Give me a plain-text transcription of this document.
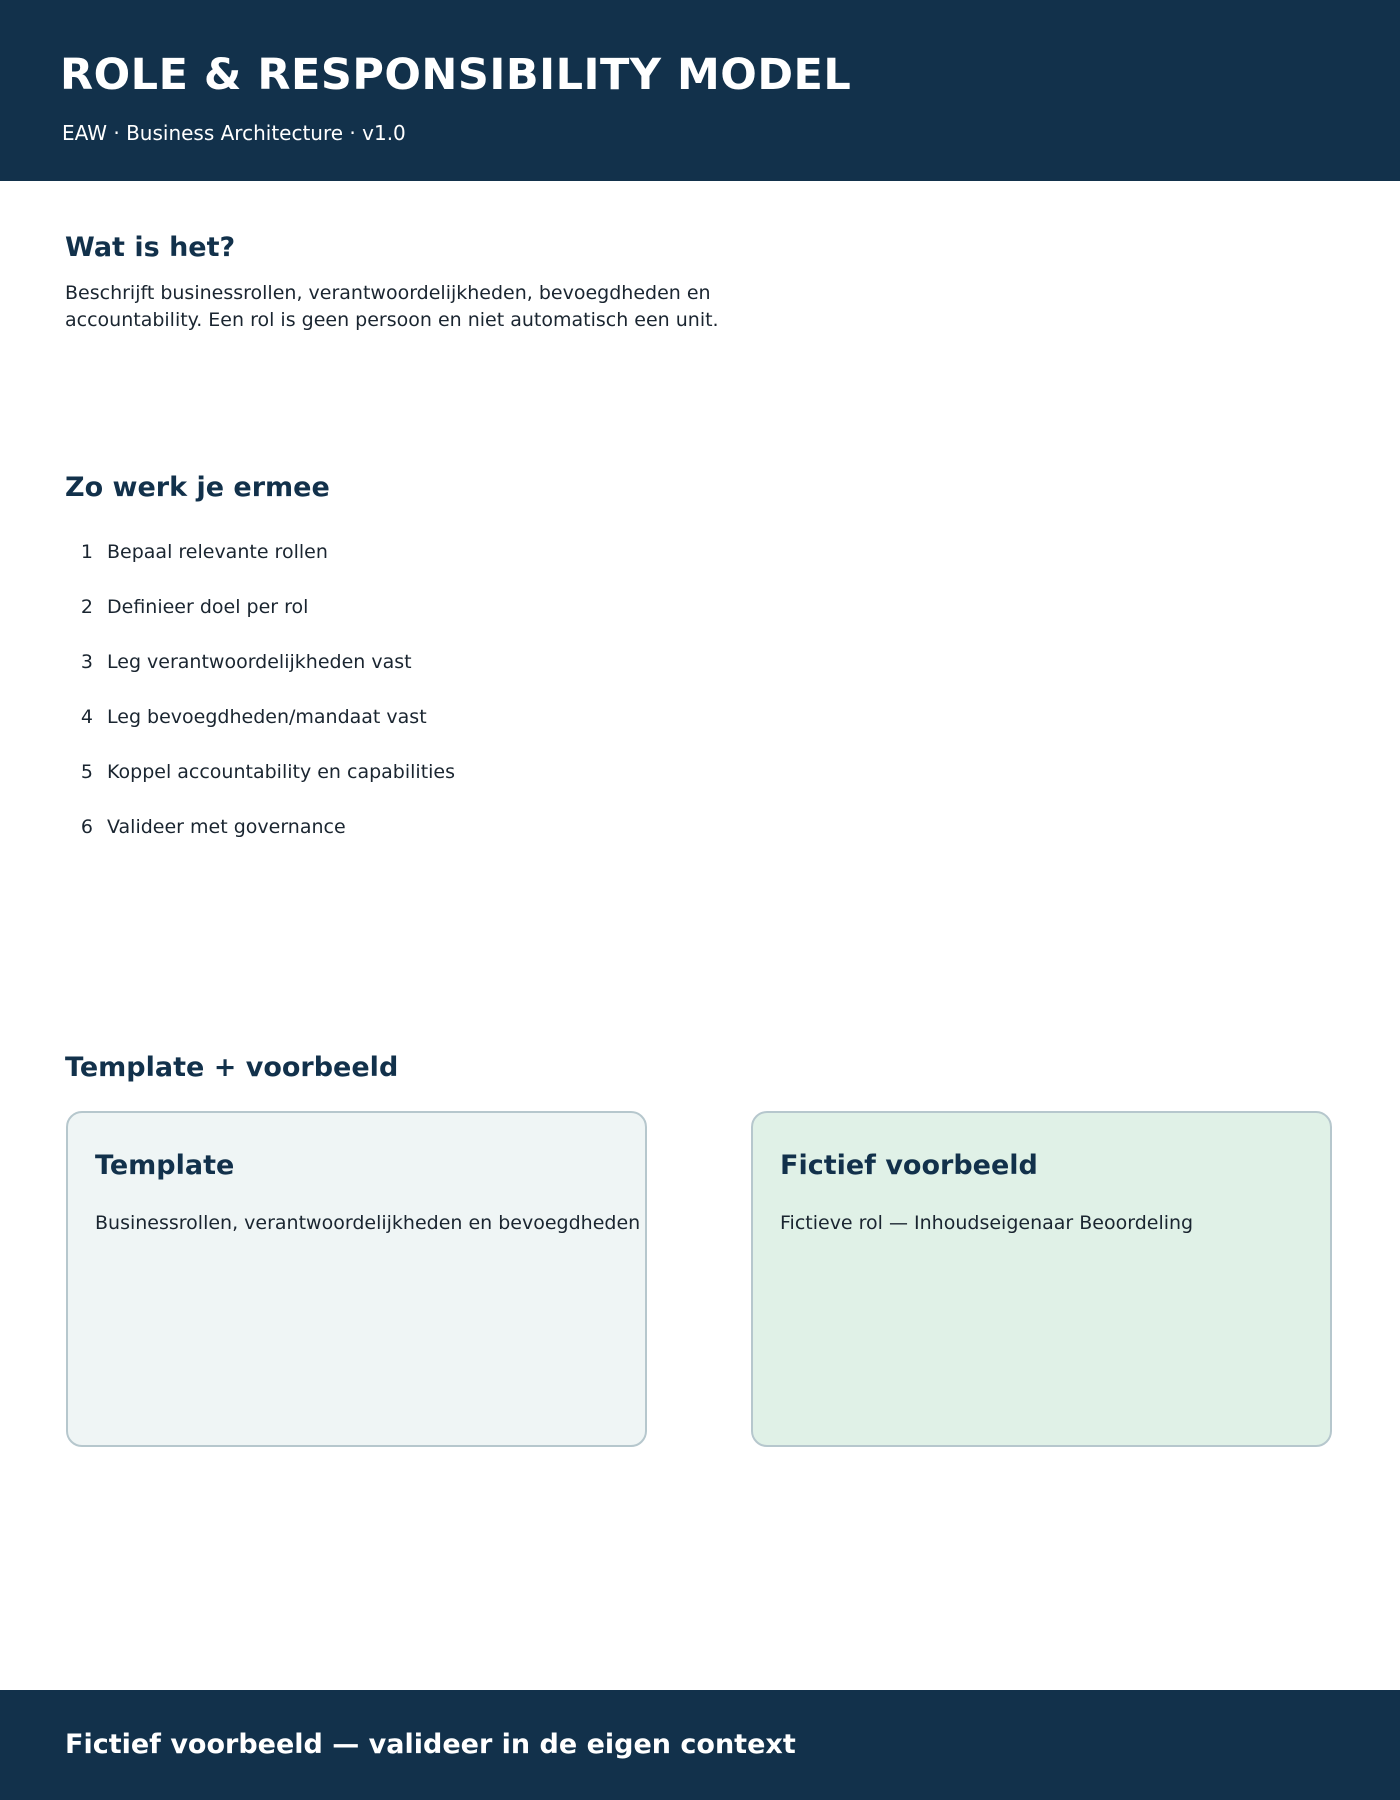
ROLE & RESPONSIBILITY MODEL
EAW · Business Architecture · v1.0
Wat is het?
Beschrijft businessrollen, verantwoordelijkheden, bevoegdheden en accountability. Een rol is geen persoon en niet automatisch een unit.
Zo werk je ermee
1 Bepaal relevante rollen
2 Definieer doel per rol
3 Leg verantwoordelijkheden vast
4 Leg bevoegdheden/mandaat vast
5 Koppel accountability en capabilities
6 Valideer met governance
Template + voorbeeld
Template
Businessrollen, verantwoordelijkheden en bevoegdheden
Fictief voorbeeld
Fictieve rol — Inhoudseigenaar Beoordeling
Fictief voorbeeld — valideer in de eigen context
